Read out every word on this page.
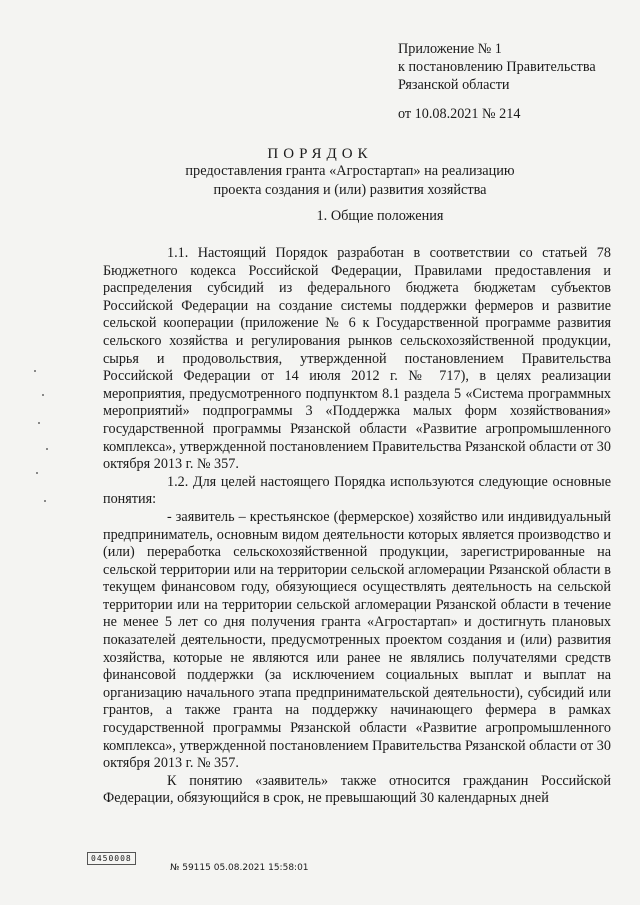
Приложение № 1
к постановлению Правительства
Рязанской области
от 10.08.2021 № 214
ПОРЯДОК
предоставления гранта «Агростартап» на реализацию
проекта создания и (или) развития хозяйства
1. Общие положения

1.1. Настоящий Порядок разработан в соответствии со статьей 78 Бюджетного кодекса Российской Федерации, Правилами предоставления и распределения субсидий из федерального бюджета бюджетам субъектов Российской Федерации на создание системы поддержки фермеров и развитие сельской кооперации (приложение № 6 к Государственной программе развития сельского хозяйства и регулирования рынков сельскохозяйственной продукции, сырья и продовольствия, утвержденной постановлением Правительства Российской Федерации от 14 июля 2012 г. № 717), в целях реализации мероприятия, предусмотренного подпунктом 8.1 раздела 5 «Система программных мероприятий» подпрограммы 3 «Поддержка малых форм хозяйствования» государственной программы Рязанской области «Развитие агропромышленного комплекса», утвержденной постановлением Правительства Рязанской области от 30 октября 2013 г. № 357.

1.2. Для целей настоящего Порядка используются следующие основные понятия:

- заявитель – крестьянское (фермерское) хозяйство или индивидуальный предприниматель, основным видом деятельности которых является производство и (или) переработка сельскохозяйственной продукции, зарегистрированные на сельской территории или на территории сельской агломерации Рязанской области в текущем финансовом году, обязующиеся осуществлять деятельность на сельской территории или на территории сельской агломерации Рязанской области в течение не менее 5 лет со дня получения гранта «Агростартап» и достигнуть плановых показателей деятельности, предусмотренных проектом создания и (или) развития хозяйства, которые не являются или ранее не являлись получателями средств финансовой поддержки (за исключением социальных выплат и выплат на организацию начального этапа предпринимательской деятельности), субсидий или грантов, а также гранта на поддержку начинающего фермера в рамках государственной программы Рязанской области «Развитие агропромышленного комплекса», утвержденной постановлением Правительства Рязанской области от 30 октября 2013 г. № 357.

К понятию «заявитель» также относится гражданин Российской Федерации, обязующийся в срок, не превышающий 30 календарных дней

0450008
№ 59115 05.08.2021 15:58:01
